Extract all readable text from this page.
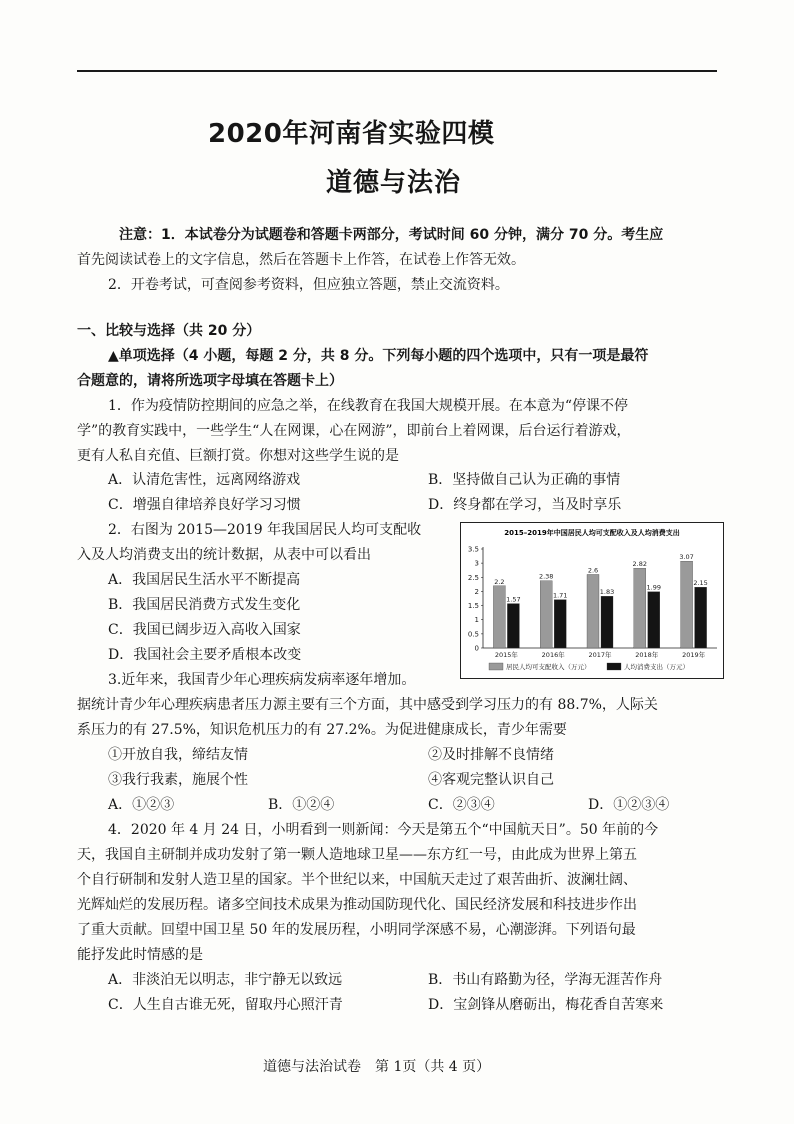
2020年河南省实验四模
道德与法治
注意：1．本试卷分为试题卷和答题卡两部分，考试时间 60 分钟，满分 70 分。考生应
首先阅读试卷上的文字信息，然后在答题卡上作答，在试卷上作答无效。
2．开卷考试，可查阅参考资料，但应独立答题，禁止交流资料。
一、比较与选择（共 20 分）
▲单项选择（4 小题，每题 2 分，共 8 分。下列每小题的四个选项中，只有一项是最符
合题意的，请将所选项字母填在答题卡上）
1．作为疫情防控期间的应急之举，在线教育在我国大规模开展。在本意为“停课不停
学”的教育实践中，一些学生“人在网课，心在网游”，即前台上着网课，后台运行着游戏，
更有人私自充值、巨额打赏。你想对这些学生说的是
A．认清危害性，远离网络游戏	B．坚持做自己认为正确的事情
C．增强自律培养良好学习习惯	D．终身都在学习，当及时享乐
2．右图为 2015—2019 年我国居民人均可支配收
入及人均消费支出的统计数据，从表中可以看出
A．我国居民生活水平不断提高
B．我国居民消费方式发生变化
C．我国已阔步迈入高收入国家
D．我国社会主要矛盾根本改变
2015–2019年中国居民人均可支配收入及人均消费支出
0
0.5
1
1.5
2
2.5
3
3.5
2.2
1.57
2015年
2.38
1.71
2016年
2.6
1.83
2017年
2.82
1.99
2018年
3.07
2.15
2019年
居民人均可支配收入（万元）	人均消费支出（万元）
3.近年来，我国青少年心理疾病发病率逐年增加。
据统计青少年心理疾病患者压力源主要有三个方面，其中感受到学习压力的有 88.7%，人际关
系压力的有 27.5%，知识危机压力的有 27.2%。为促进健康成长，青少年需要
①开放自我，缔结友情	②及时排解不良情绪
③我行我素，施展个性	④客观完整认识自己
A．①②③	B．①②④	C．②③④	D．①②③④
4．2020 年 4 月 24 日，小明看到一则新闻：今天是第五个“中国航天日”。50 年前的今
天，我国自主研制并成功发射了第一颗人造地球卫星——东方红一号，由此成为世界上第五
个自行研制和发射人造卫星的国家。半个世纪以来，中国航天走过了艰苦曲折、波澜壮阔、
光辉灿烂的发展历程。诸多空间技术成果为推动国防现代化、国民经济发展和科技进步作出
了重大贡献。回望中国卫星 50 年的发展历程，小明同学深感不易，心潮澎湃。下列语句最
能抒发此时情感的是
A．非淡泊无以明志，非宁静无以致远	B．书山有路勤为径，学海无涯苦作舟
C．人生自古谁无死，留取丹心照汗青	D．宝剑锋从磨砺出，梅花香自苦寒来
道德与法治试卷　第 1页（共 4 页）
